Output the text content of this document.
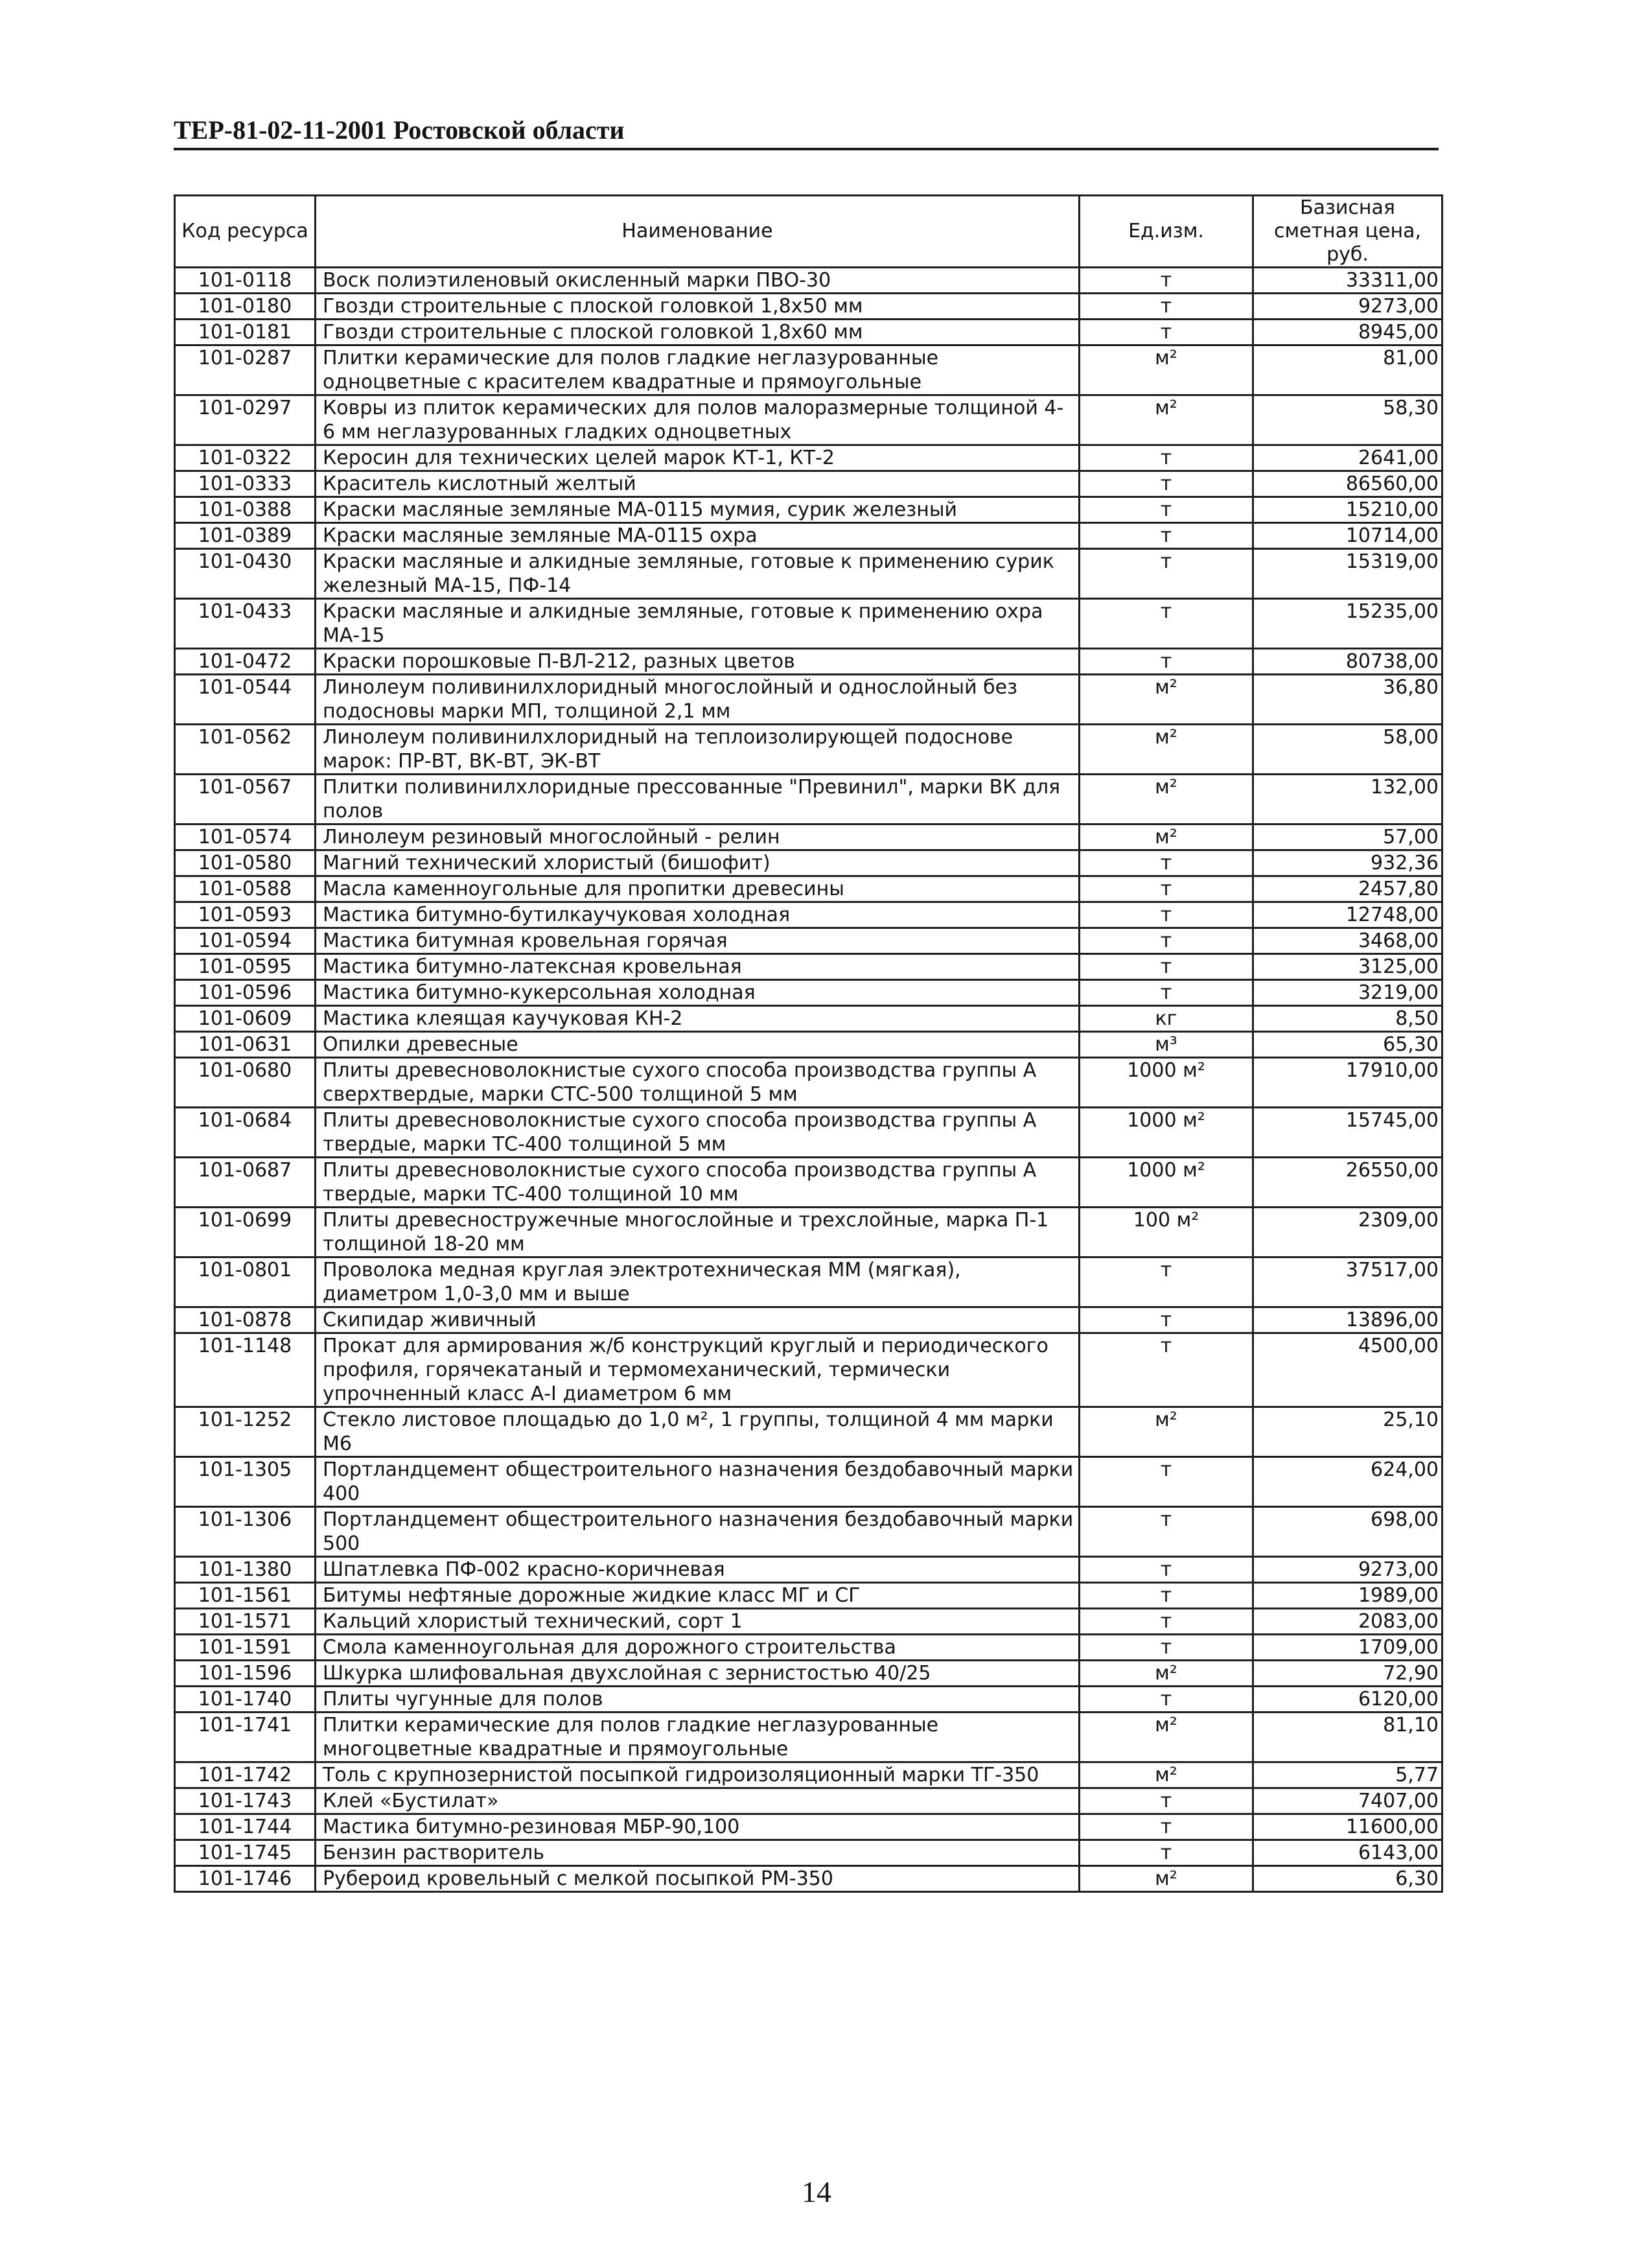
ТЕР-81-02-11-2001 Ростовской области
Код ресурса	Наименование	Ед.изм.	Базисная сметная цена, руб.
101-0118	Воск полиэтиленовый окисленный марки ПВО-30	т	33311,00
101-0180	Гвозди строительные с плоской головкой 1,8х50 мм	т	9273,00
101-0181	Гвозди строительные с плоской головкой 1,8х60 мм	т	8945,00
101-0287	Плитки керамические для полов гладкие неглазурованные одноцветные с красителем квадратные и прямоугольные	м²	81,00
101-0297	Ковры из плиток керамических для полов малоразмерные толщиной 4-6 мм неглазурованных гладких одноцветных	м²	58,30
101-0322	Керосин для технических целей марок КТ-1, КТ-2	т	2641,00
101-0333	Краситель кислотный желтый	т	86560,00
101-0388	Краски масляные земляные МА-0115 мумия, сурик железный	т	15210,00
101-0389	Краски масляные земляные МА-0115 охра	т	10714,00
101-0430	Краски масляные и алкидные земляные, готовые к применению сурик железный МА-15, ПФ-14	т	15319,00
101-0433	Краски масляные и алкидные земляные, готовые к применению охра МА-15	т	15235,00
101-0472	Краски порошковые П-ВЛ-212, разных цветов	т	80738,00
101-0544	Линолеум поливинилхлоридный многослойный и однослойный без подосновы марки МП, толщиной 2,1 мм	м²	36,80
101-0562	Линолеум поливинилхлоридный на теплоизолирующей подоснове марок: ПР-ВТ, ВК-ВТ, ЭК-ВТ	м²	58,00
101-0567	Плитки поливинилхлоридные прессованные "Превинил", марки ВК для полов	м²	132,00
101-0574	Линолеум резиновый многослойный - релин	м²	57,00
101-0580	Магний технический хлористый (бишофит)	т	932,36
101-0588	Масла каменноугольные для пропитки древесины	т	2457,80
101-0593	Мастика битумно-бутилкаучуковая холодная	т	12748,00
101-0594	Мастика битумная кровельная горячая	т	3468,00
101-0595	Мастика битумно-латексная кровельная	т	3125,00
101-0596	Мастика битумно-кукерсольная холодная	т	3219,00
101-0609	Мастика клеящая каучуковая КН-2	кг	8,50
101-0631	Опилки древесные	м³	65,30
101-0680	Плиты древесноволокнистые сухого способа производства группы А сверхтвердые, марки СТС-500 толщиной 5 мм	1000 м²	17910,00
101-0684	Плиты древесноволокнистые сухого способа производства группы А твердые, марки ТС-400 толщиной 5 мм	1000 м²	15745,00
101-0687	Плиты древесноволокнистые сухого способа производства группы А твердые, марки ТС-400 толщиной 10 мм	1000 м²	26550,00
101-0699	Плиты древесностружечные многослойные и трехслойные, марка П-1 толщиной 18-20 мм	100 м²	2309,00
101-0801	Проволока медная круглая электротехническая ММ (мягкая), диаметром 1,0-3,0 мм и выше	т	37517,00
101-0878	Скипидар живичный	т	13896,00
101-1148	Прокат для армирования ж/б конструкций круглый и периодического профиля, горячекатаный и термомеханический, термически упрочненный класс А-I диаметром 6 мм	т	4500,00
101-1252	Стекло листовое площадью до 1,0 м², 1 группы, толщиной 4 мм марки М6	м²	25,10
101-1305	Портландцемент общестроительного назначения бездобавочный марки 400	т	624,00
101-1306	Портландцемент общестроительного назначения бездобавочный марки 500	т	698,00
101-1380	Шпатлевка ПФ-002 красно-коричневая	т	9273,00
101-1561	Битумы нефтяные дорожные жидкие класс МГ и СГ	т	1989,00
101-1571	Кальций хлористый технический, сорт 1	т	2083,00
101-1591	Смола каменноугольная для дорожного строительства	т	1709,00
101-1596	Шкурка шлифовальная двухслойная с зернистостью 40/25	м²	72,90
101-1740	Плиты чугунные для полов	т	6120,00
101-1741	Плитки керамические для полов гладкие неглазурованные многоцветные квадратные и прямоугольные	м²	81,10
101-1742	Толь с крупнозернистой посыпкой гидроизоляционный марки ТГ-350	м²	5,77
101-1743	Клей «Бустилат»	т	7407,00
101-1744	Мастика битумно-резиновая МБР-90,100	т	11600,00
101-1745	Бензин растворитель	т	6143,00
101-1746	Рубероид кровельный с мелкой посыпкой РМ-350	м²	6,30
14
